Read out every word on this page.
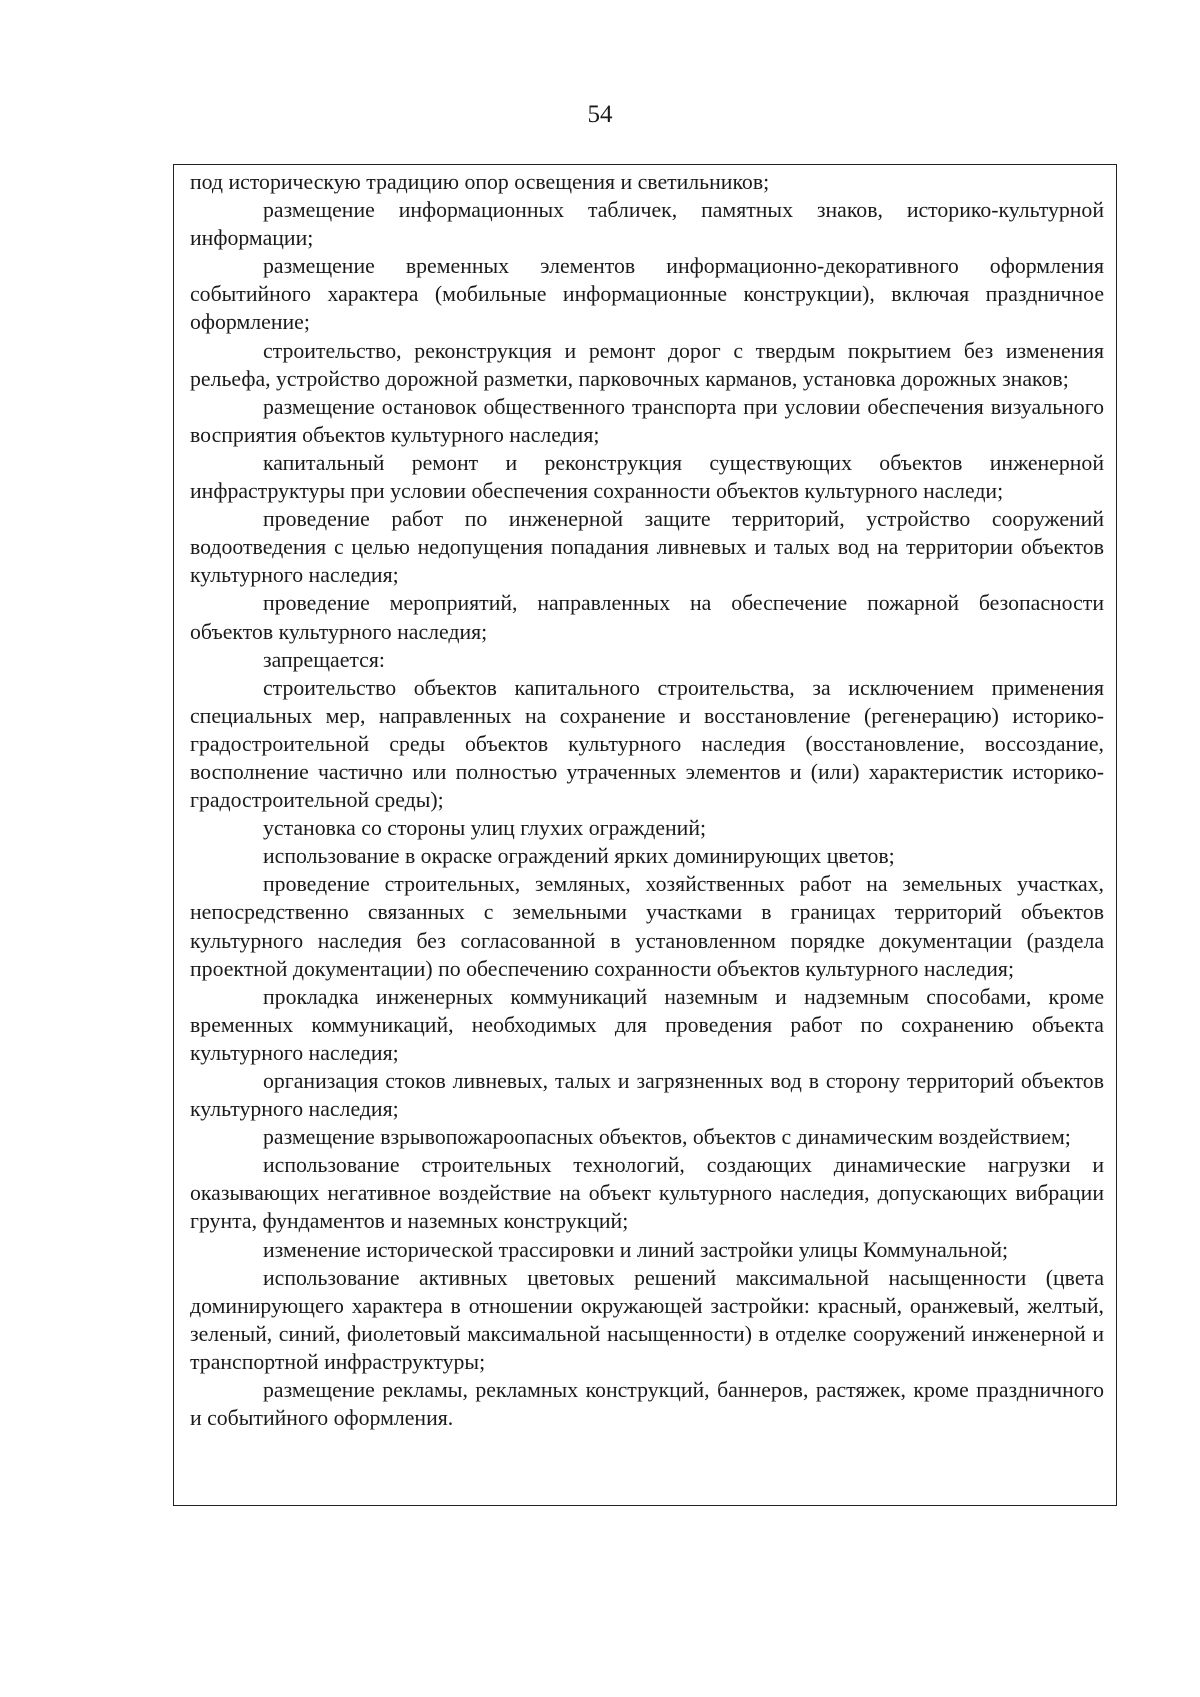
54

под историческую традицию опор освещения и светильников;

размещение информационных табличек, памятных знаков, историко-культурной информации;

размещение временных элементов информационно-декоративного оформления событийного характера (мобильные информационные конструкции), включая праздничное оформление;

строительство, реконструкция и ремонт дорог с твердым покрытием без изменения рельефа, устройство дорожной разметки, парковочных карманов, установка дорожных знаков;

размещение остановок общественного транспорта при условии обеспечения визуального восприятия объектов культурного наследия;

капитальный ремонт и реконструкция существующих объектов инженерной инфраструктуры при условии обеспечения сохранности объектов культурного наследи;

проведение работ по инженерной защите территорий, устройство сооружений водоотведения с целью недопущения попадания ливневых и талых вод на территории объектов культурного наследия;

проведение мероприятий, направленных на обеспечение пожарной безопасности объектов культурного наследия;

запрещается:

строительство объектов капитального строительства, за исключением применения специальных мер, направленных на сохранение и восстановление (регенерацию) историко-градостроительной среды объектов культурного наследия (восстановление, воссоздание, восполнение частично или полностью утраченных элементов и (или) характеристик историко-градостроительной среды);

установка со стороны улиц глухих ограждений;

использование в окраске ограждений ярких доминирующих цветов;

проведение строительных, земляных, хозяйственных работ на земельных участках, непосредственно связанных с земельными участками в границах территорий объектов культурного наследия без согласованной в установленном порядке документации (раздела проектной документации) по обеспечению сохранности объектов культурного наследия;

прокладка инженерных коммуникаций наземным и надземным способами, кроме временных коммуникаций, необходимых для проведения работ по сохранению объекта культурного наследия;

организация стоков ливневых, талых и загрязненных вод в сторону территорий объектов культурного наследия;

размещение взрывопожароопасных объектов, объектов с динамическим воздействием;

использование строительных технологий, создающих динамические нагрузки и оказывающих негативное воздействие на объект культурного наследия, допускающих вибрации грунта, фундаментов и наземных конструкций;

изменение исторической трассировки и линий застройки улицы Коммунальной;

использование активных цветовых решений максимальной насыщенности (цвета доминирующего характера в отношении окружающей застройки: красный, оранжевый, желтый, зеленый, синий, фиолетовый максимальной насыщенности) в отделке сооружений инженерной и транспортной инфраструктуры;

размещение рекламы, рекламных конструкций, баннеров, растяжек, кроме праздничного и событийного оформления.
